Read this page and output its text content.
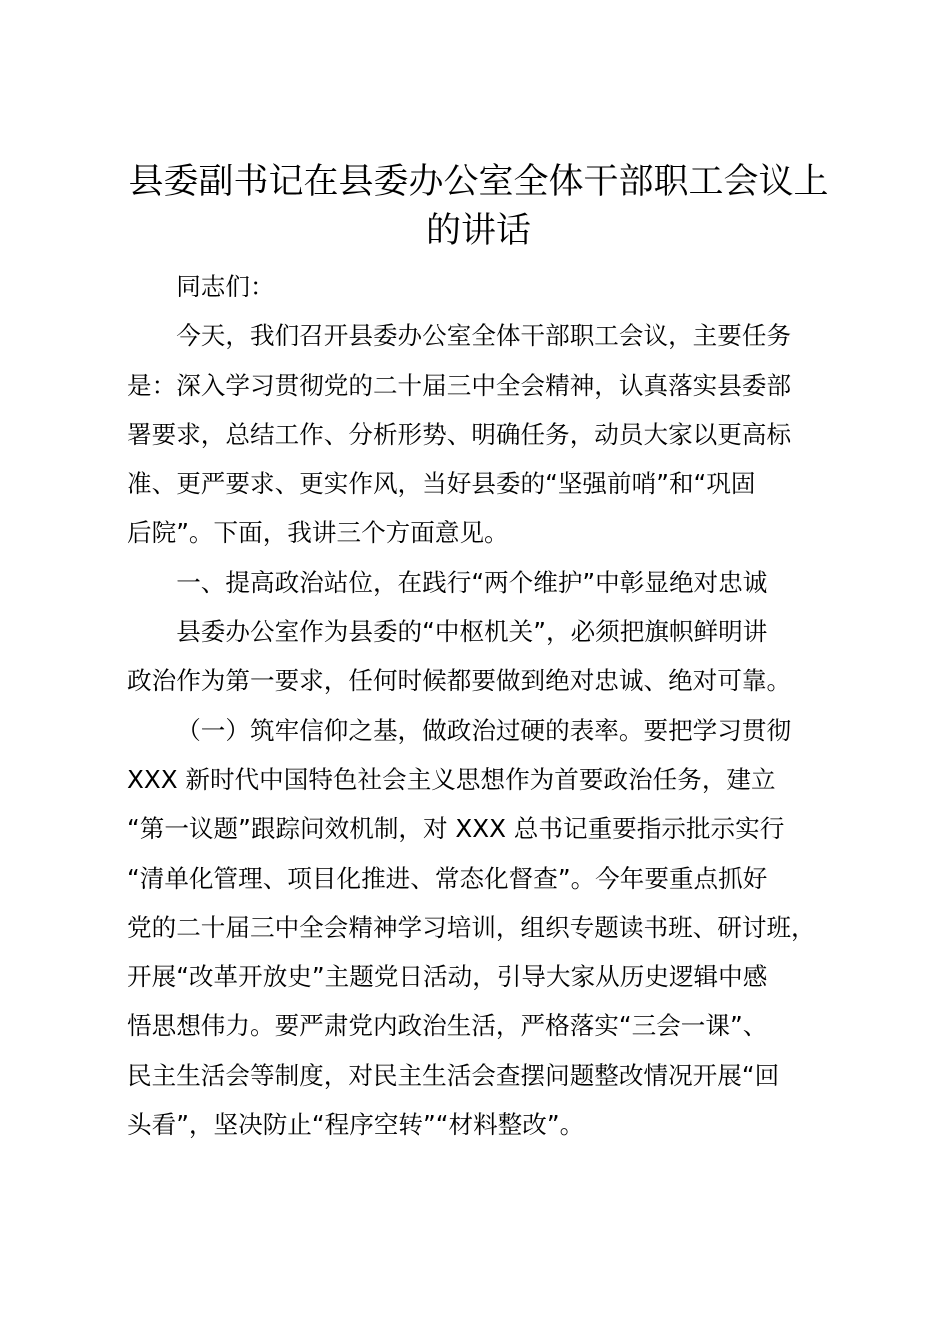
县委副书记在县委办公室全体干部职工会议上
的讲话

同志们：

今天，我们召开县委办公室全体干部职工会议，主要任务
是：深入学习贯彻党的二十届三中全会精神，认真落实县委部
署要求，总结工作、分析形势、明确任务，动员大家以更高标
准、更严要求、更实作风，当好县委的“坚强前哨”和“巩固
后院”。下面，我讲三个方面意见。

一、提高政治站位，在践行“两个维护”中彰显绝对忠诚

县委办公室作为县委的“中枢机关”，必须把旗帜鲜明讲
政治作为第一要求，任何时候都要做到绝对忠诚、绝对可靠。

（一）筑牢信仰之基，做政治过硬的表率。要把学习贯彻
XXX 新时代中国特色社会主义思想作为首要政治任务，建立
“第一议题”跟踪问效机制，对 XXX 总书记重要指示批示实行
“清单化管理、项目化推进、常态化督查”。今年要重点抓好
党的二十届三中全会精神学习培训，组织专题读书班、研讨班，
开展“改革开放史”主题党日活动，引导大家从历史逻辑中感
悟思想伟力。要严肃党内政治生活，严格落实“三会一课”、
民主生活会等制度，对民主生活会查摆问题整改情况开展“回
头看”，坚决防止“程序空转”“材料整改”。
